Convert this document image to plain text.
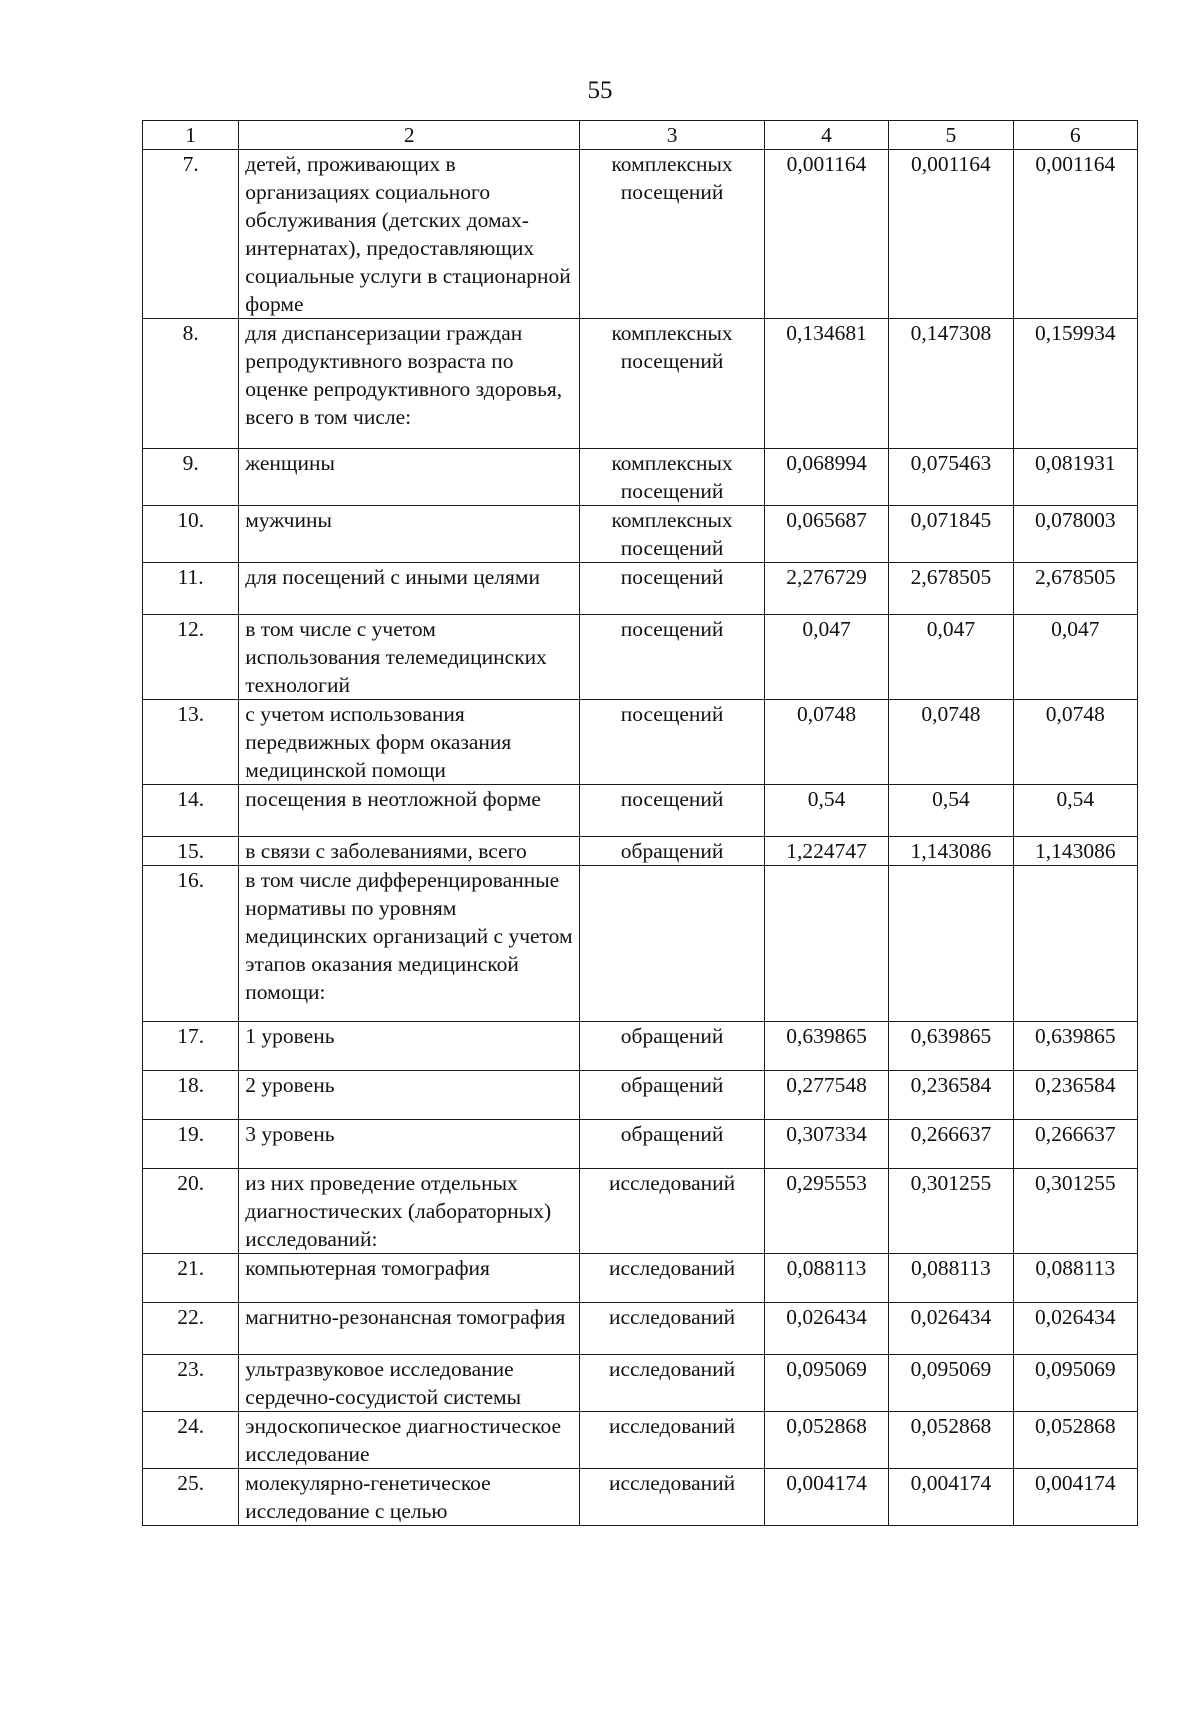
55
1	2	3	4	5	6
7.	детей, проживающих в организациях социального обслуживания (детских домах-интернатах), предоставляющих социальные услуги в стационарной форме	комплексных посещений	0,001164	0,001164	0,001164
8.	для диспансеризации граждан репродуктивного возраста по оценке репродуктивного здоровья, всего в том числе:	комплексных посещений	0,134681	0,147308	0,159934
9.	женщины	комплексных посещений	0,068994	0,075463	0,081931
10.	мужчины	комплексных посещений	0,065687	0,071845	0,078003
11.	для посещений с иными целями	посещений	2,276729	2,678505	2,678505
12.	в том числе с учетом использования телемедицинских технологий	посещений	0,047	0,047	0,047
13.	с учетом использования передвижных форм оказания медицинской помощи	посещений	0,0748	0,0748	0,0748
14.	посещения в неотложной форме	посещений	0,54	0,54	0,54
15.	в связи с заболеваниями, всего	обращений	1,224747	1,143086	1,143086
16.	в том числе дифференцированные нормативы по уровням медицинских организаций с учетом этапов оказания медицинской помощи:				
17.	1 уровень	обращений	0,639865	0,639865	0,639865
18.	2 уровень	обращений	0,277548	0,236584	0,236584
19.	3 уровень	обращений	0,307334	0,266637	0,266637
20.	из них проведение отдельных диагностических (лабораторных) исследований:	исследований	0,295553	0,301255	0,301255
21.	компьютерная томография	исследований	0,088113	0,088113	0,088113
22.	магнитно-резонансная томография	исследований	0,026434	0,026434	0,026434
23.	ультразвуковое исследование сердечно-сосудистой системы	исследований	0,095069	0,095069	0,095069
24.	эндоскопическое диагностическое исследование	исследований	0,052868	0,052868	0,052868
25.	молекулярно-генетическое исследование с целью	исследований	0,004174	0,004174	0,004174
